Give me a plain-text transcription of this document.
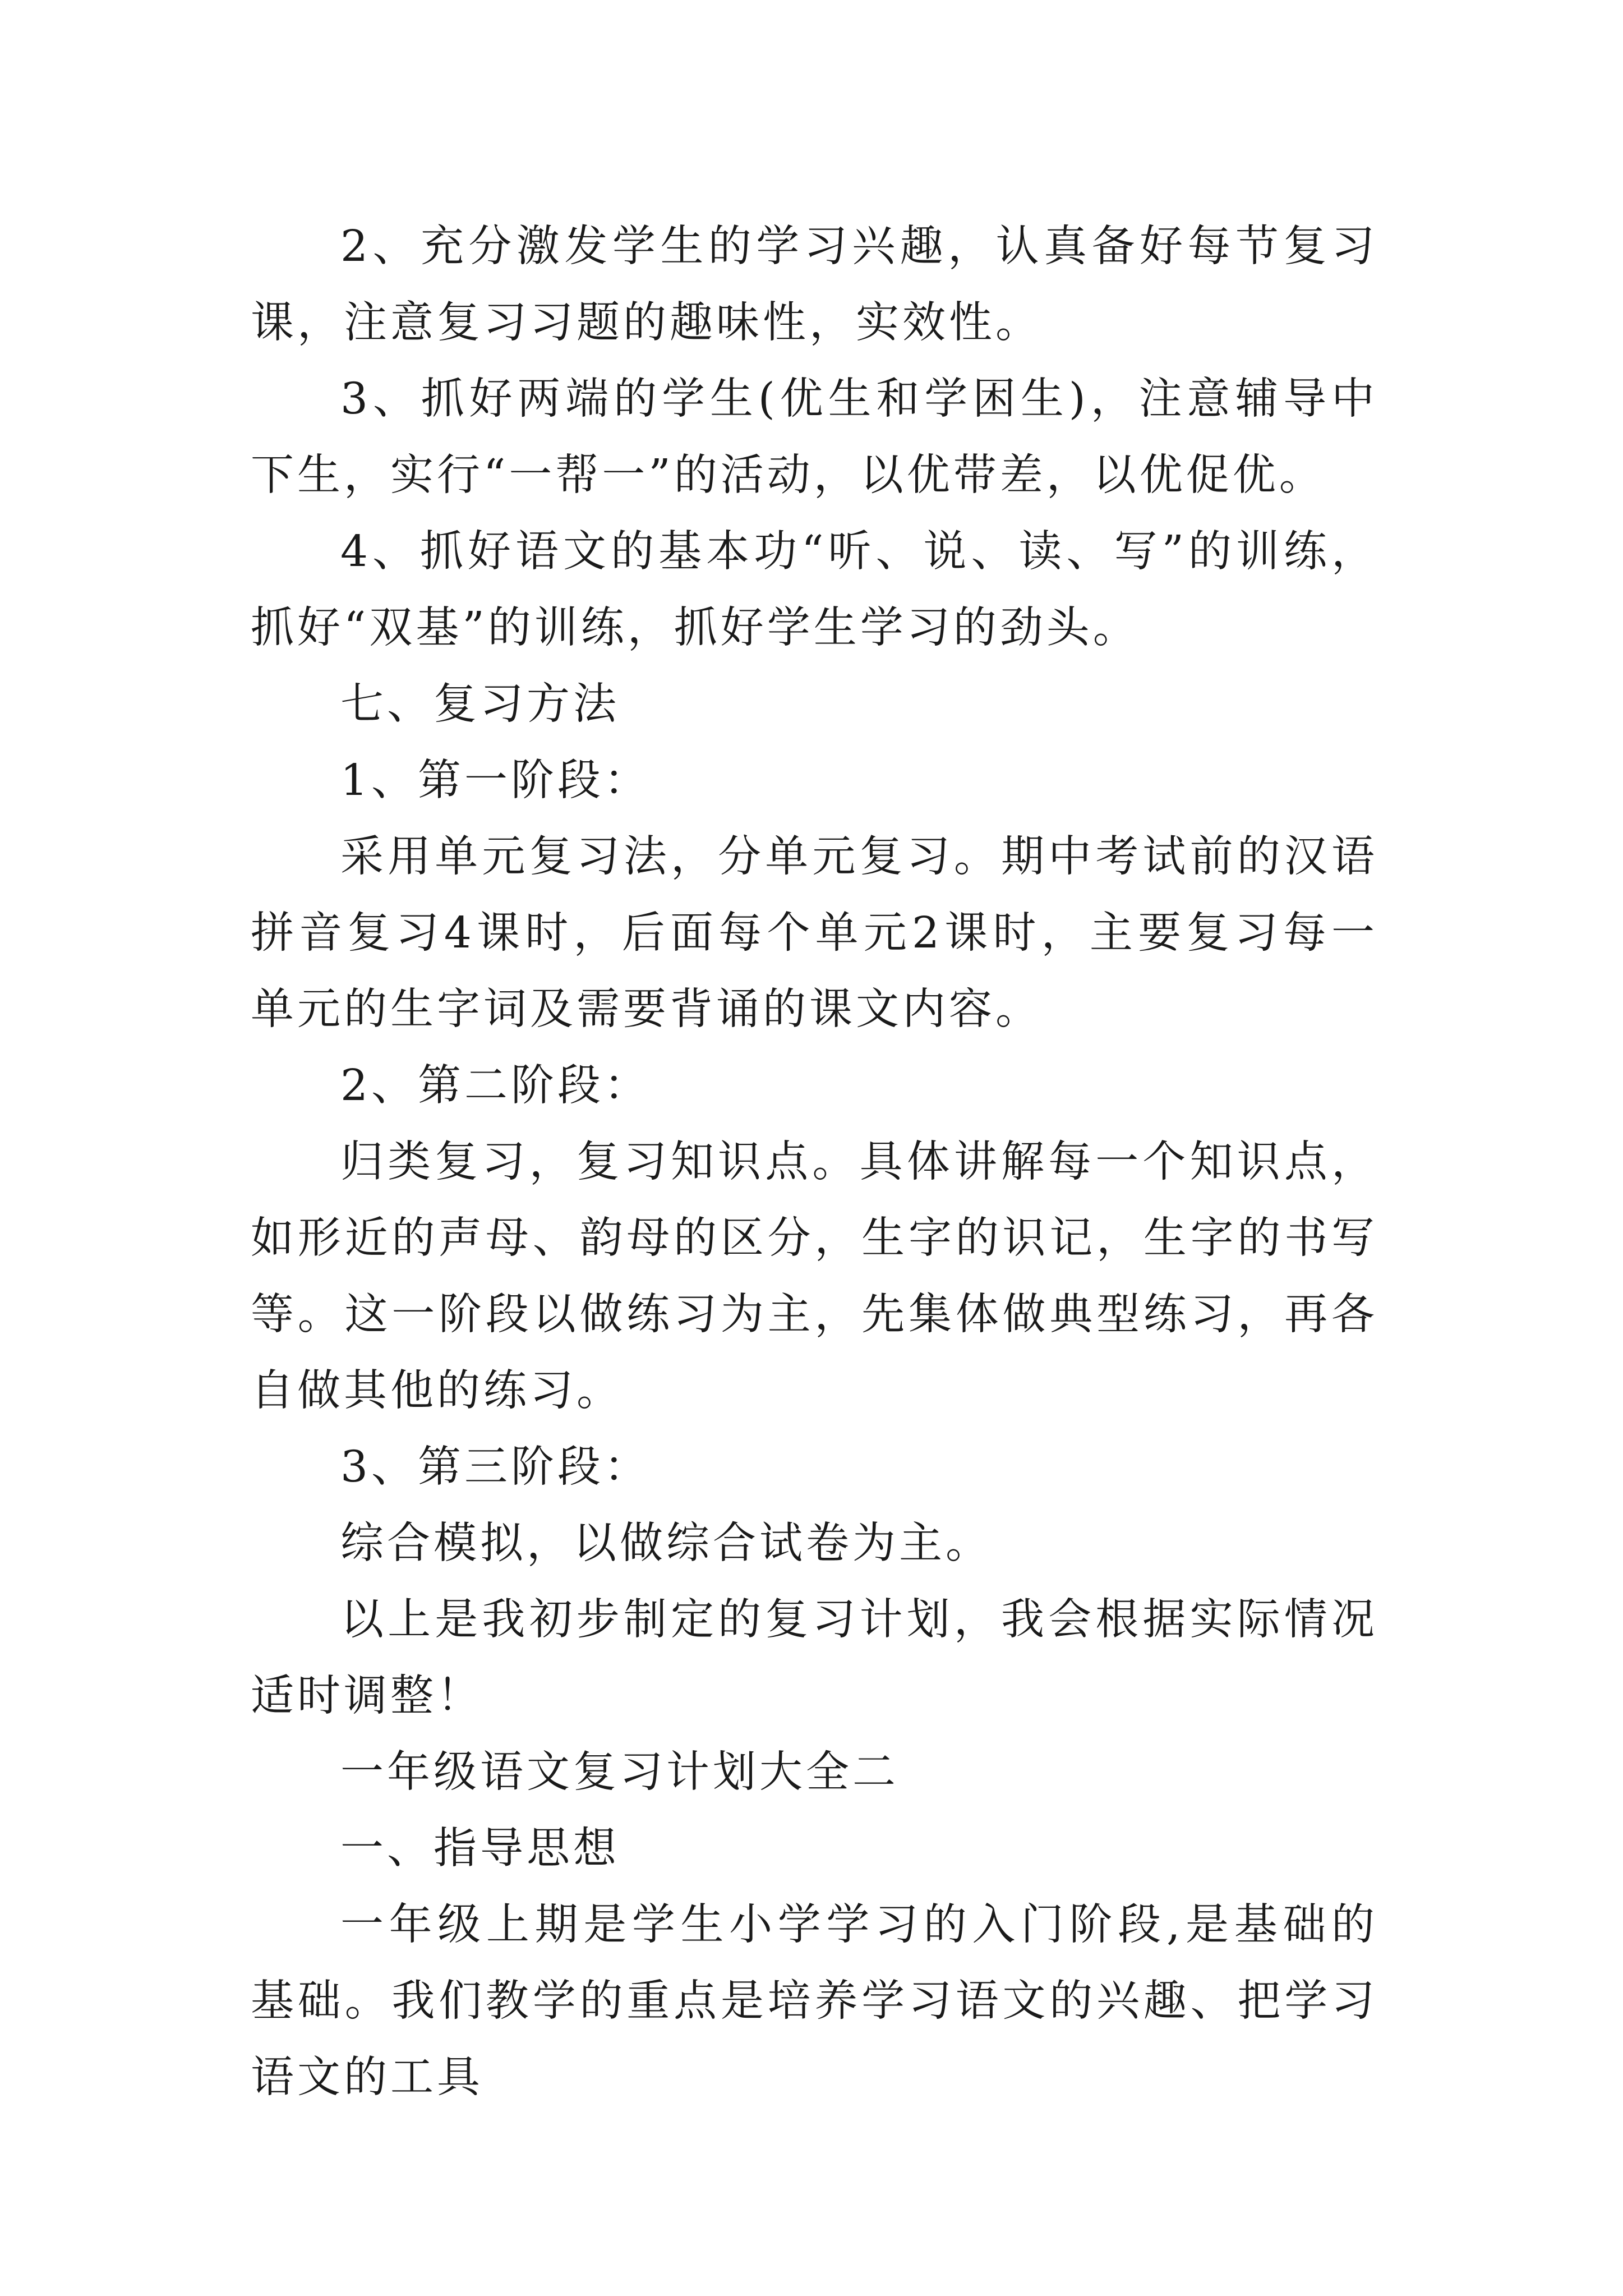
2、充分激发学生的学习兴趣，认真备好每节复习课，注意复习习题的趣味性，实效性。

3、抓好两端的学生(优生和学困生)，注意辅导中下生，实行“一帮一”的活动，以优带差，以优促优。

4、抓好语文的基本功“听、说、读、写”的训练，抓好“双基”的训练，抓好学生学习的劲头。

七、复习方法

1、第一阶段：

采用单元复习法，分单元复习。期中考试前的汉语拼音复习4课时，后面每个单元2课时，主要复习每一单元的生字词及需要背诵的课文内容。

2、第二阶段：

归类复习，复习知识点。具体讲解每一个知识点，如形近的声母、韵母的区分，生字的识记，生字的书写等。这一阶段以做练习为主，先集体做典型练习，再各自做其他的练习。

3、第三阶段：

综合模拟，以做综合试卷为主。

以上是我初步制定的复习计划，我会根据实际情况适时调整！

一年级语文复习计划大全二

一、指导思想

一年级上期是学生小学学习的入门阶段,是基础的基础。我们教学的重点是培养学习语文的兴趣、把学习语文的工具
